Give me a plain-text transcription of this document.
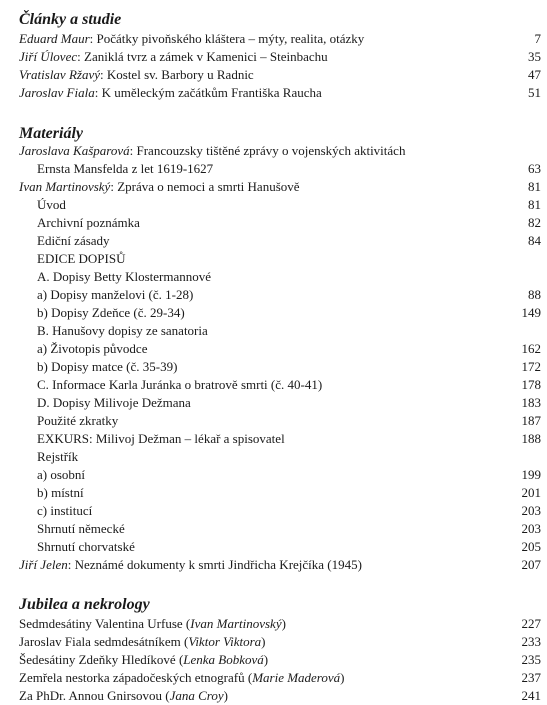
Články a studie
Eduard Maur: Počátky pivoňského kláštera – mýty, realita, otázky	7
Jiří Úlovec: Zaniklá tvrz a zámek v Kamenici – Steinbachu	35
Vratislav Ržavý: Kostel sv. Barbory u Radnic	47
Jaroslav Fiala: K uměleckým začátkům Františka Raucha	51
Materiály
Jaroslava Kašparová: Francouzsky tištěné zprávy o vojenských aktivitách
Ernsta Mansfelda z let 1619-1627	63
Ivan Martinovský: Zpráva o nemoci a smrti Hanušově	81
Úvod	81
Archivní poznámka	82
Ediční zásady	84
EDICE DOPISŮ
A. Dopisy Betty Klostermannové
a) Dopisy manželovi (č. 1-28)	88
b) Dopisy Zdeňce (č. 29-34)	149
B. Hanušovy dopisy ze sanatoria
a) Životopis původce	162
b) Dopisy matce (č. 35-39)	172
C. Informace Karla Juránka o bratrově smrti (č. 40-41)	178
D. Dopisy Milivoje Dežmana	183
Použité zkratky	187
EXKURS: Milivoj Dežman – lékař a spisovatel	188
Rejstřík
a) osobní	199
b) místní	201
c) institucí	203
Shrnutí německé	203
Shrnutí chorvatské	205
Jiří Jelen: Neznámé dokumenty k smrti Jindřicha Krejčíka (1945)	207
Jubilea a nekrology
Sedmdesátiny Valentina Urfuse (Ivan Martinovský)	227
Jaroslav Fiala sedmdesátníkem (Viktor Viktora)	233
Šedesátiny Zdeňky Hledíkové (Lenka Bobková)	235
Zemřela nestorka západočeských etnografů (Marie Maderová)	237
Za PhDr. Annou Gnirsovou (Jana Croy)	241
